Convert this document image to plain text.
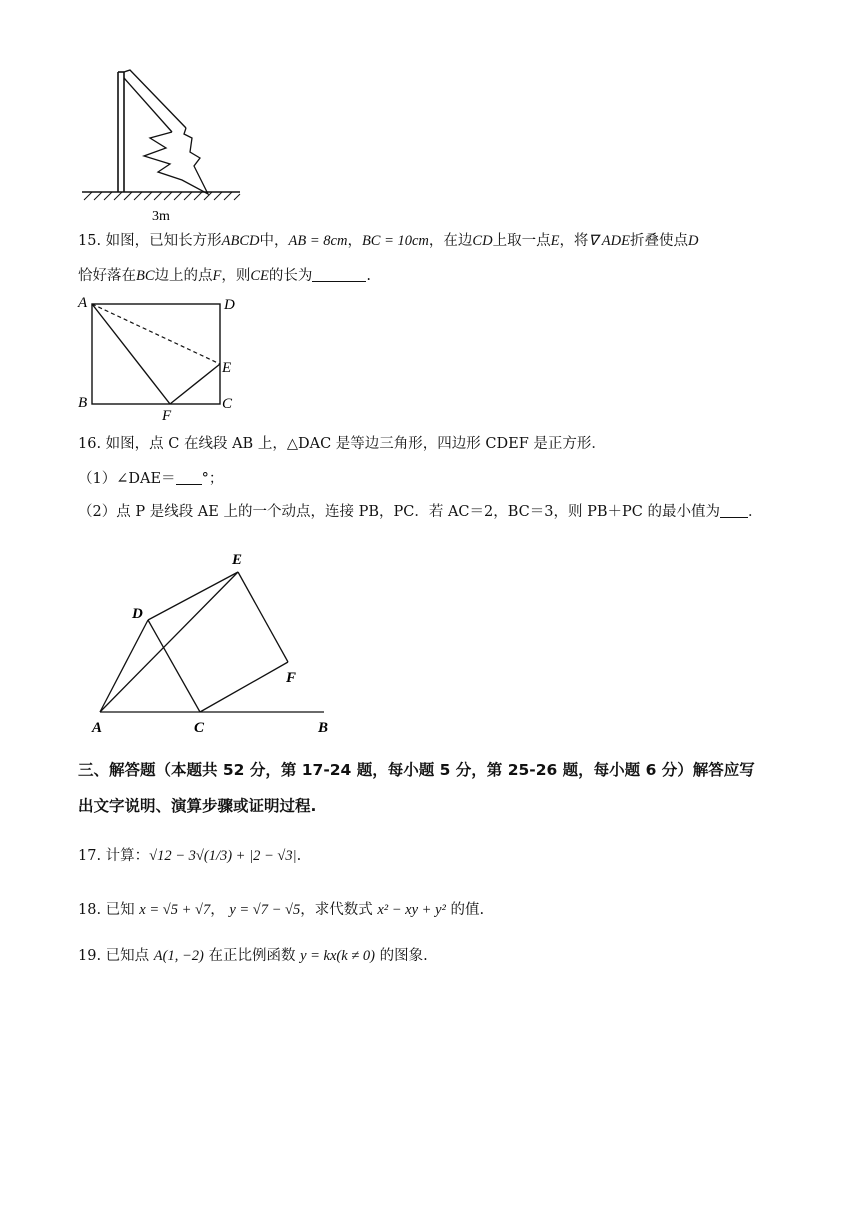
3m
15. 如图，已知长方形ABCD中，AB = 8cm，BC = 10cm，在边CD上取一点E，将∇ ADE折叠使点D
恰好落在BC边上的点F，则CE的长为	.
A	D
E
B	C
F
16. 如图，点 C 在线段 AB 上，△DAC 是等边三角形，四边形 CDEF 是正方形．
（1）∠DAE＝ °；
（2）点 P 是线段 AE 上的一个动点，连接 PB，PC．若 AC＝2，BC＝3，则 PB＋PC 的最小值为 ．
E
D
F
A	C	B
三、解答题（本题共 52 分，第 17-24 题，每小题 5 分，第 25-26 题，每小题 6 分）解答应写
出文字说明、演算步骤或证明过程.
17. 计算：√12 − 3√(1/3) + |2 − √3|.
18. 已知 x = √5 + √7， y = √7 − √5，求代数式 x² − xy + y² 的值.
19. 已知点 A(1, −2) 在正比例函数 y = kx(k ≠ 0) 的图象.
